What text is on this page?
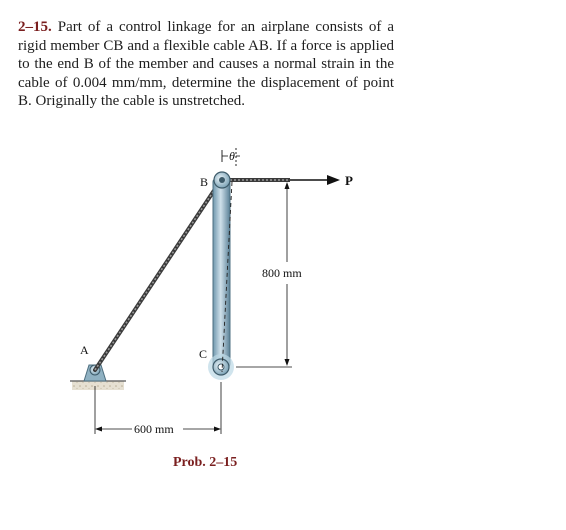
2–15. Part of a control linkage for an airplane consists of a rigid member CB and a flexible cable AB. If a force is applied to the end B of the member and causes a normal strain in the cable of 0.004 mm/mm, determine the displacement of point B. Originally the cable is unstretched.
θ
800 mm
600 mm
A
B
C
P
Prob. 2–15
